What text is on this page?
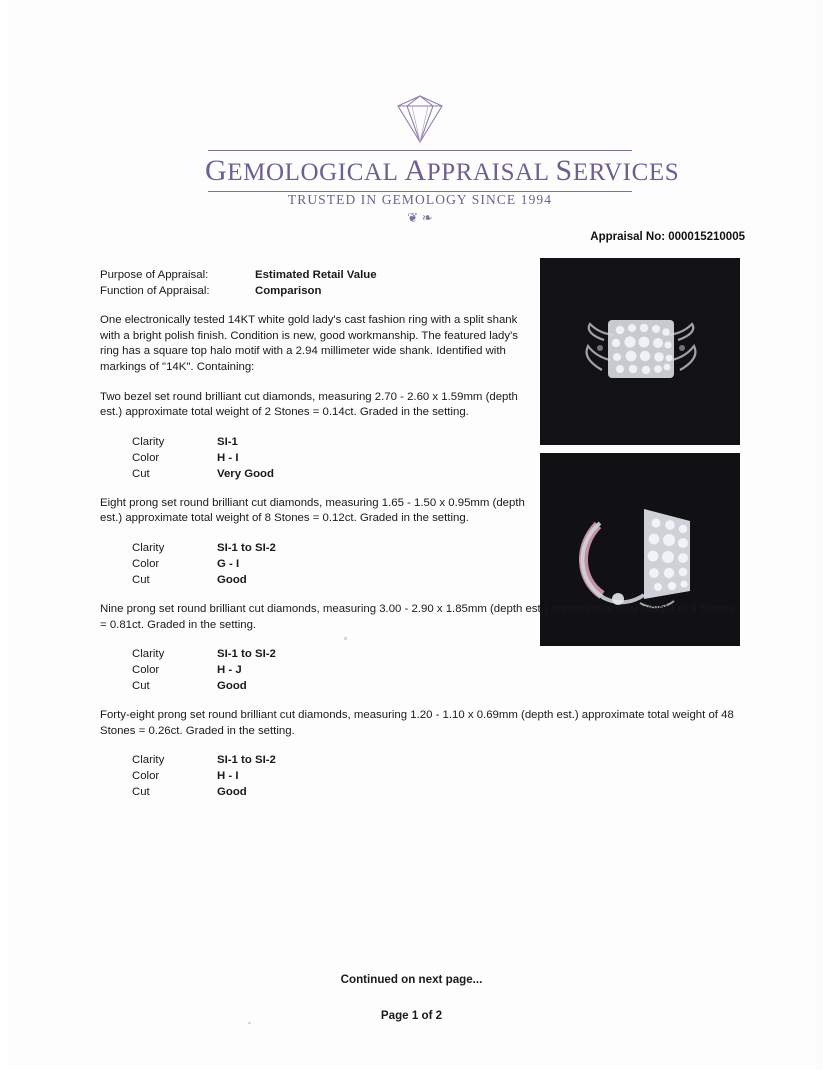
GEMOLOGICAL APPRAISAL SERVICES
TRUSTED IN GEMOLOGY SINCE 1994
❦ ❧
Appraisal No: 000015210005
Purpose of Appraisal:	Estimated Retail Value
Function of Appraisal:	Comparison
One electronically tested 14KT white gold lady's cast fashion ring with a split shank with a bright polish finish. Condition is new, good workmanship. The featured lady's ring has a square top halo motif with a 2.94 millimeter wide shank. Identified with markings of "14K". Containing:
Two bezel set round brilliant cut diamonds, measuring 2.70 - 2.60 x 1.59mm (depth est.) approximate total weight of 2 Stones = 0.14ct. Graded in the setting.
Clarity	SI-1
Color	H - I
Cut	Very Good
Eight prong set round brilliant cut diamonds, measuring 1.65 - 1.50 x 0.95mm (depth est.) approximate total weight of 8 Stones = 0.12ct. Graded in the setting.
Clarity	SI-1 to SI-2
Color	G - I
Cut	Good
Nine prong set round brilliant cut diamonds, measuring 3.00 - 2.90 x 1.85mm (depth est.) approximate total weight of 9 Stones = 0.81ct. Graded in the setting.
Clarity	SI-1 to SI-2
Color	H - J
Cut	Good
Forty-eight prong set round brilliant cut diamonds, measuring 1.20 - 1.10 x 0.69mm (depth est.) approximate total weight of 48 Stones = 0.26ct. Graded in the setting.
Clarity	SI-1 to SI-2
Color	H - I
Cut	Good
Continued on next page...
Page 1 of 2
